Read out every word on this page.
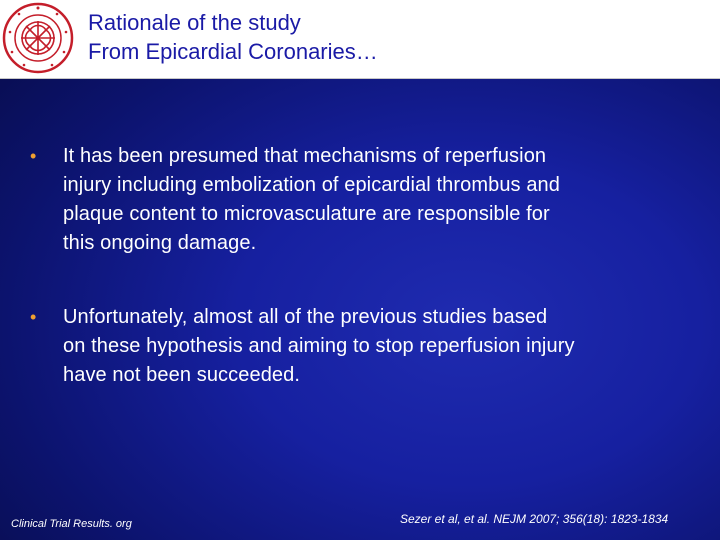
Rationale of the study
From Epicardial Coronaries…
• It has been presumed that mechanisms of reperfusion
injury including embolization of epicardial thrombus and
plaque content to microvasculature are responsible for
this ongoing damage.
• Unfortunately, almost all of the previous studies based
on these hypothesis and aiming to stop reperfusion injury
have not been succeeded.
Clinical Trial Results. org	Sezer et al, et al. NEJM 2007; 356(18): 1823-1834
